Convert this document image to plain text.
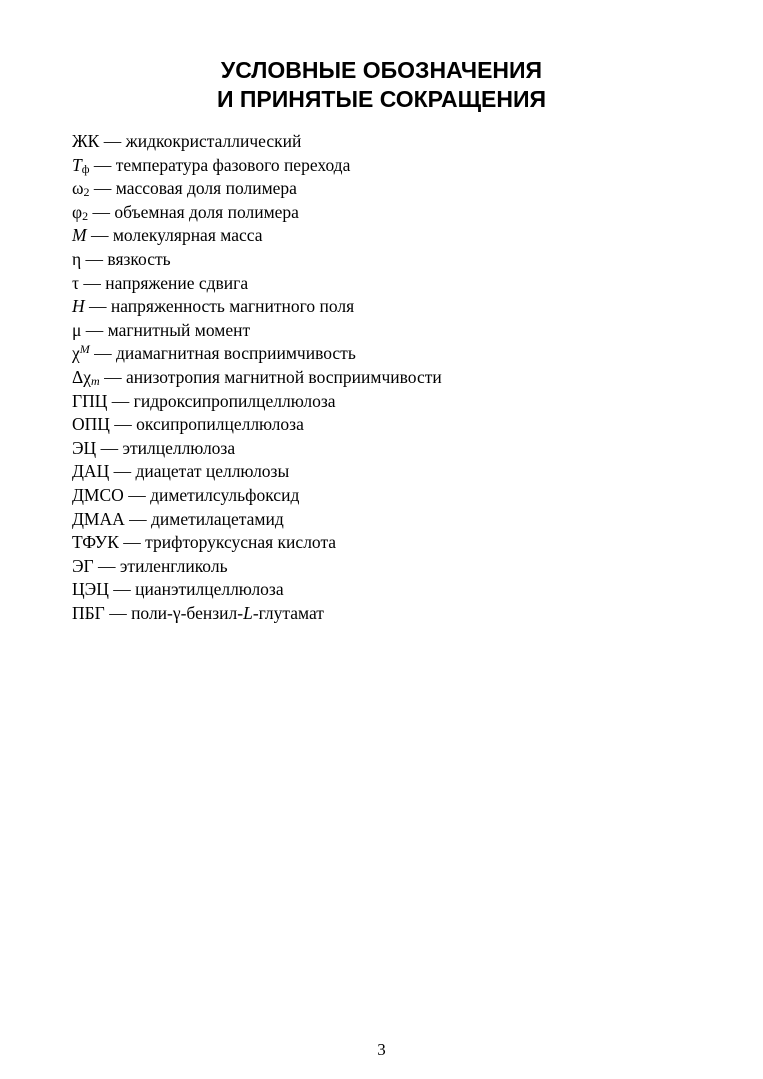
УСЛОВНЫЕ ОБОЗНАЧЕНИЯ
И ПРИНЯТЫЕ СОКРАЩЕНИЯ
ЖК — жидкокристаллический
$T_ф$ — температура фазового перехода
$\omega_2$ — массовая доля полимера
$\varphi_2$ — объемная доля полимера
M — молекулярная масса
η — вязкость
τ — напряжение сдвига
H — напряженность магнитного поля
μ — магнитный момент
$\chi^M$ — диамагнитная восприимчивость
$\Delta\chi_m$ — анизотропия магнитной восприимчивости
ГПЦ — гидроксипропилцеллюлоза
ОПЦ — оксипропилцеллюлоза
ЭЦ — этилцеллюлоза
ДАЦ — диацетат целлюлозы
ДМСО — диметилсульфоксид
ДМАА — диметилацетамид
ТФУК — трифторуксусная кислота
ЭГ — этиленгликоль
ЦЭЦ — цианэтилцеллюлоза
ПБГ — поли-γ-бензил-L-глутамат
3
